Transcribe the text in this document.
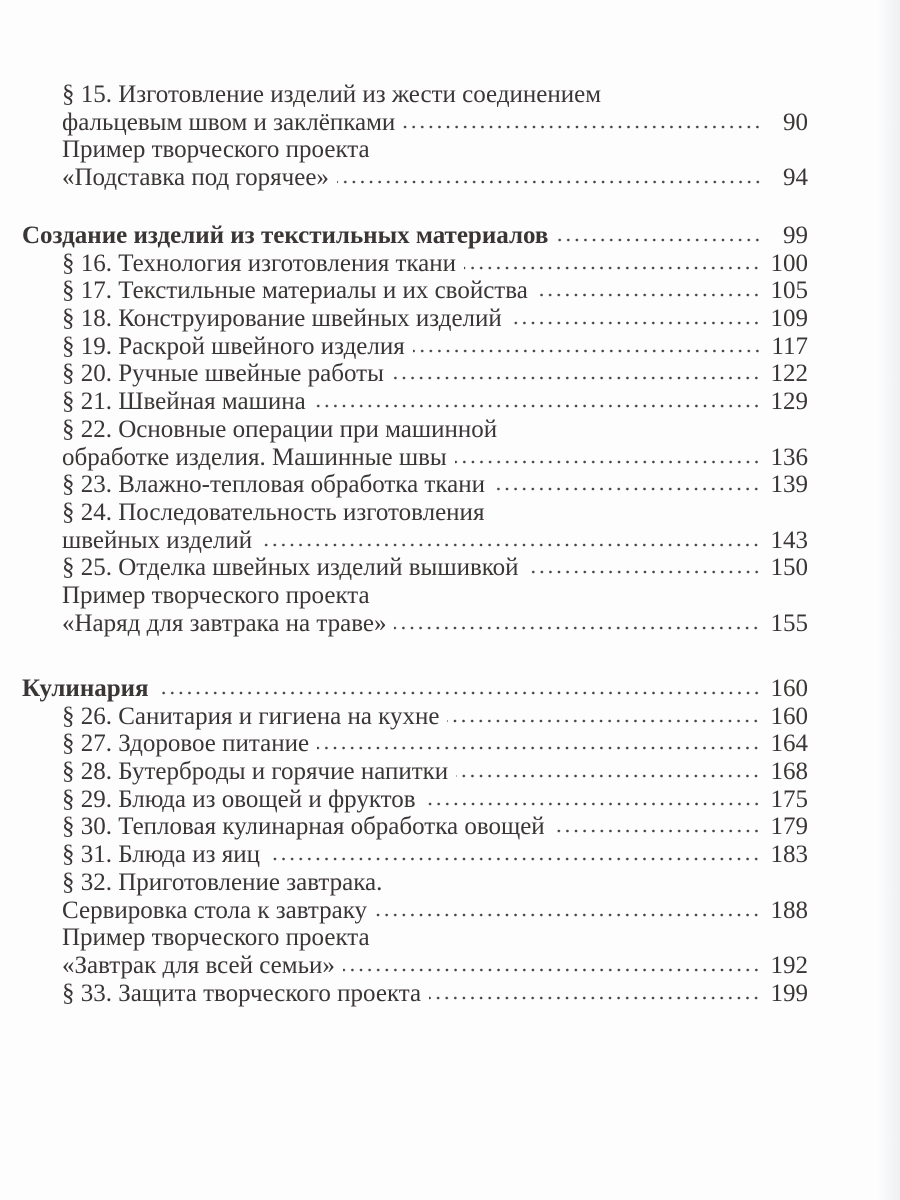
§ 15. Изготовление изделий из жести соединением
фальцевым швом и заклёпками	90
Пример творческого проекта
«Подставка под горячее»	94
Создание изделий из текстильных материалов	99
§ 16. Технология изготовления ткани	100
§ 17. Текстильные материалы и их свойства	105
§ 18. Конструирование швейных изделий	109
§ 19. Раскрой швейного изделия	117
§ 20. Ручные швейные работы	122
§ 21. Швейная машина	129
§ 22. Основные операции при машинной
обработке изделия. Машинные швы	136
§ 23. Влажно-тепловая обработка ткани	139
§ 24. Последовательность изготовления
швейных изделий	143
§ 25. Отделка швейных изделий вышивкой	150
Пример творческого проекта
«Наряд для завтрака на траве»	155
Кулинария	160
§ 26. Санитария и гигиена на кухне	160
§ 27. Здоровое питание	164
§ 28. Бутерброды и горячие напитки	168
§ 29. Блюда из овощей и фруктов	175
§ 30. Тепловая кулинарная обработка овощей	179
§ 31. Блюда из яиц	183
§ 32. Приготовление завтрака.
Сервировка стола к завтраку	188
Пример творческого проекта
«Завтрак для всей семьи»	192
§ 33. Защита творческого проекта	199
